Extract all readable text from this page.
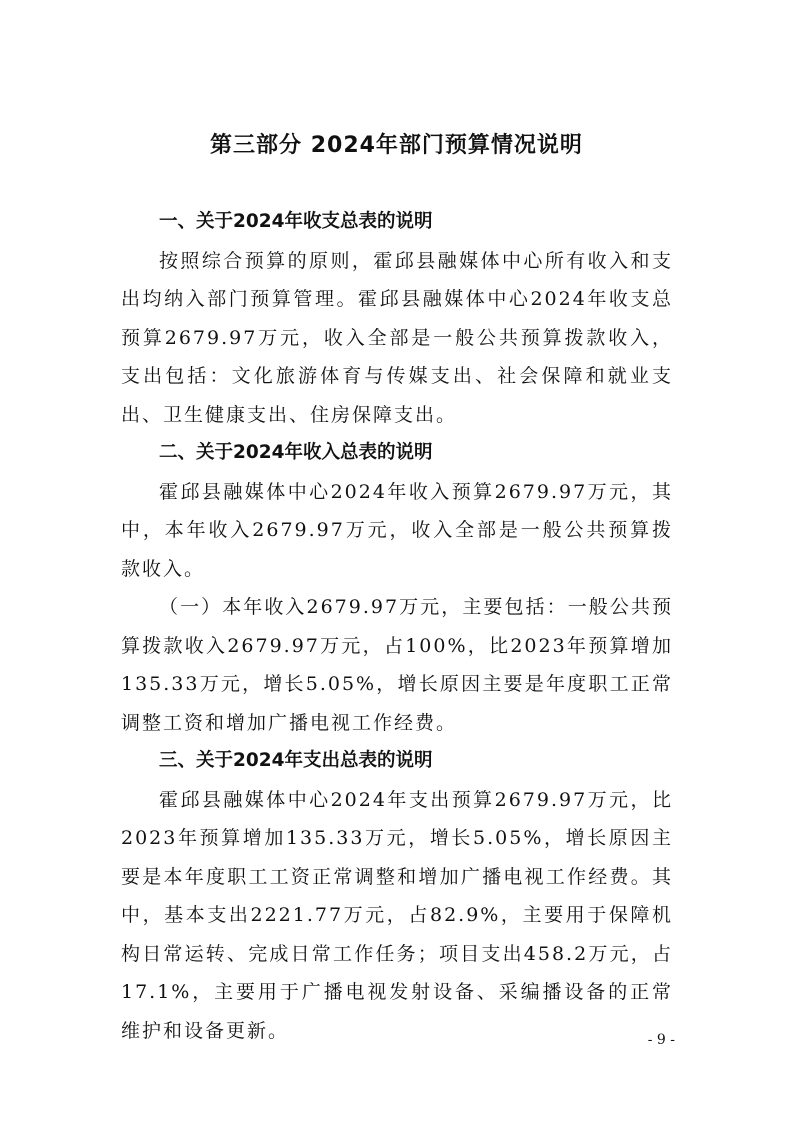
第三部分 2024年部门预算情况说明

一、关于2024年收支总表的说明

按照综合预算的原则，霍邱县融媒体中心所有收入和支出均纳入部门预算管理。霍邱县融媒体中心2024年收支总预算2679.97万元，收入全部是一般公共预算拨款收入，支出包括：文化旅游体育与传媒支出、社会保障和就业支出、卫生健康支出、住房保障支出。

二、关于2024年收入总表的说明

霍邱县融媒体中心2024年收入预算2679.97万元，其中，本年收入2679.97万元，收入全部是一般公共预算拨款收入。

（一）本年收入2679.97万元，主要包括：一般公共预算拨款收入2679.97万元，占100%，比2023年预算增加135.33万元，增长5.05%，增长原因主要是年度职工正常调整工资和增加广播电视工作经费。

三、关于2024年支出总表的说明

霍邱县融媒体中心2024年支出预算2679.97万元，比2023年预算增加135.33万元，增长5.05%，增长原因主要是本年度职工工资正常调整和增加广播电视工作经费。其中，基本支出2221.77万元，占82.9%，主要用于保障机构日常运转、完成日常工作任务；项目支出458.2万元，占17.1%，主要用于广播电视发射设备、采编播设备的正常维护和设备更新。	- 9 -
